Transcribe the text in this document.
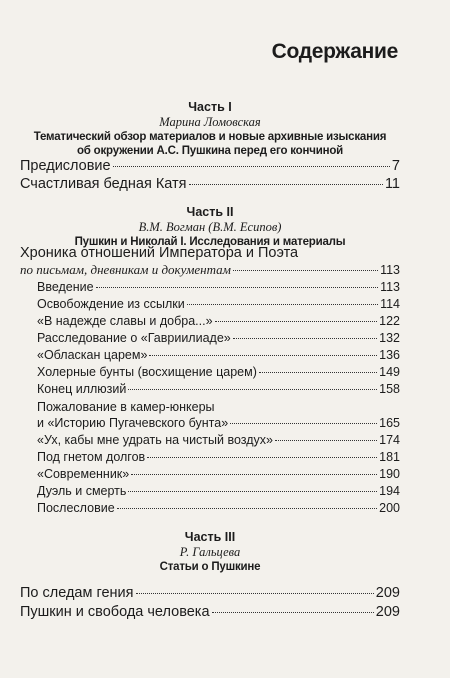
Содержание
Часть I
Марина Ломовская
Тематический обзор материалов и новые архивные изыскания
об окружении А.С. Пушкина перед его кончиной
Предисловие	7
Счастливая бедная Катя	11
Часть II
В.М. Вогман (В.М. Есипов)
Пушкин и Николай I. Исследования и материалы
Хроника отношений Императора и Поэта
по письмам, дневникам и документам	113
Введение	113
Освобождение из ссылки	114
«В надежде славы и добра...»	122
Расследование о «Гавриилиаде»	132
«Обласкан царем»	136
Холерные бунты (восхищение царем)	149
Конец иллюзий	158
Пожалование в камер-юнкеры
и «Историю Пугачевского бунта»	165
«Ух, кабы мне удрать на чистый воздух»	174
Под гнетом долгов	181
«Современник»	190
Дуэль и смерть	194
Послесловие	200
Часть III
Р. Гальцева
Статьи о Пушкине
По следам гения	209
Пушкин и свобода человека	209
